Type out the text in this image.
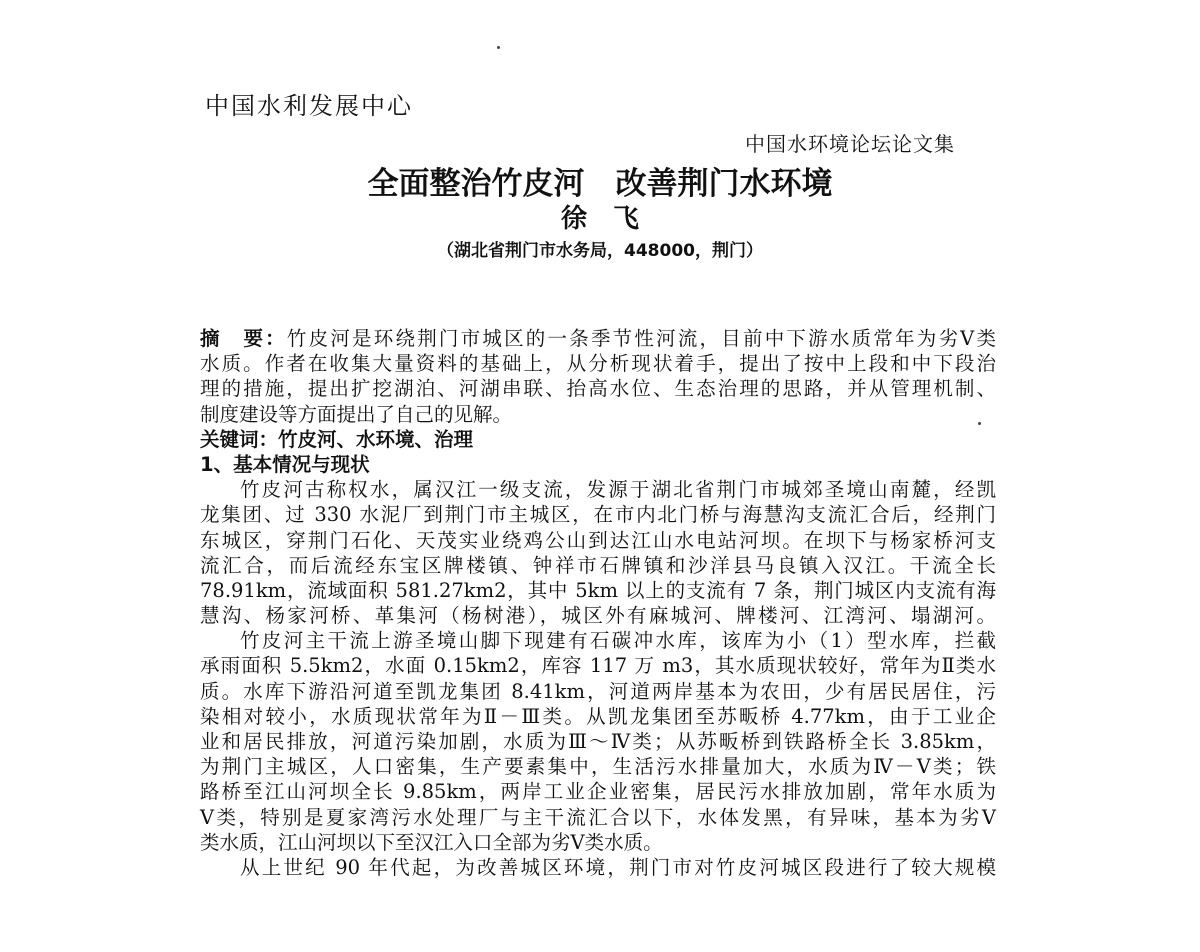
中国水利发展中心
中国水环境论坛论文集
全面整治竹皮河　改善荆门水环境
徐　飞
（湖北省荆门市水务局，448000，荆门）
摘　要：竹皮河是环绕荆门市城区的一条季节性河流，目前中下游水质常年为劣Ⅴ类
水质。作者在收集大量资料的基础上，从分析现状着手，提出了按中上段和中下段治
理的措施，提出扩挖湖泊、河湖串联、抬高水位、生态治理的思路，并从管理机制、
制度建设等方面提出了自己的见解。
关键词：竹皮河、水环境、治理
1、基本情况与现状
竹皮河古称权水，属汉江一级支流，发源于湖北省荆门市城郊圣境山南麓，经凯
龙集团、过 330 水泥厂到荆门市主城区，在市内北门桥与海慧沟支流汇合后，经荆门
东城区，穿荆门石化、天茂实业绕鸡公山到达江山水电站河坝。在坝下与杨家桥河支
流汇合，而后流经东宝区牌楼镇、钟祥市石牌镇和沙洋县马良镇入汉江。干流全长
78.91km，流域面积 581.27km2，其中 5km 以上的支流有 7 条，荆门城区内支流有海
慧沟、杨家河桥、革集河（杨树港），城区外有麻城河、牌楼河、江湾河、塌湖河。
竹皮河主干流上游圣境山脚下现建有石碳冲水库，该库为小（1）型水库，拦截
承雨面积 5.5km2，水面 0.15km2，库容 117 万 m3，其水质现状较好，常年为Ⅱ类水
质。水库下游沿河道至凯龙集团 8.41km，河道两岸基本为农田，少有居民居住，污
染相对较小，水质现状常年为Ⅱ－Ⅲ类。从凯龙集团至苏畈桥 4.77km，由于工业企
业和居民排放，河道污染加剧，水质为Ⅲ～Ⅳ类；从苏畈桥到铁路桥全长 3.85km，
为荆门主城区，人口密集，生产要素集中，生活污水排量加大，水质为Ⅳ－Ⅴ类；铁
路桥至江山河坝全长 9.85km，两岸工业企业密集，居民污水排放加剧，常年水质为
Ⅴ类，特别是夏家湾污水处理厂与主干流汇合以下，水体发黑，有异味，基本为劣Ⅴ
类水质，江山河坝以下至汉江入口全部为劣Ⅴ类水质。
从上世纪 90 年代起，为改善城区环境，荆门市对竹皮河城区段进行了较大规模
